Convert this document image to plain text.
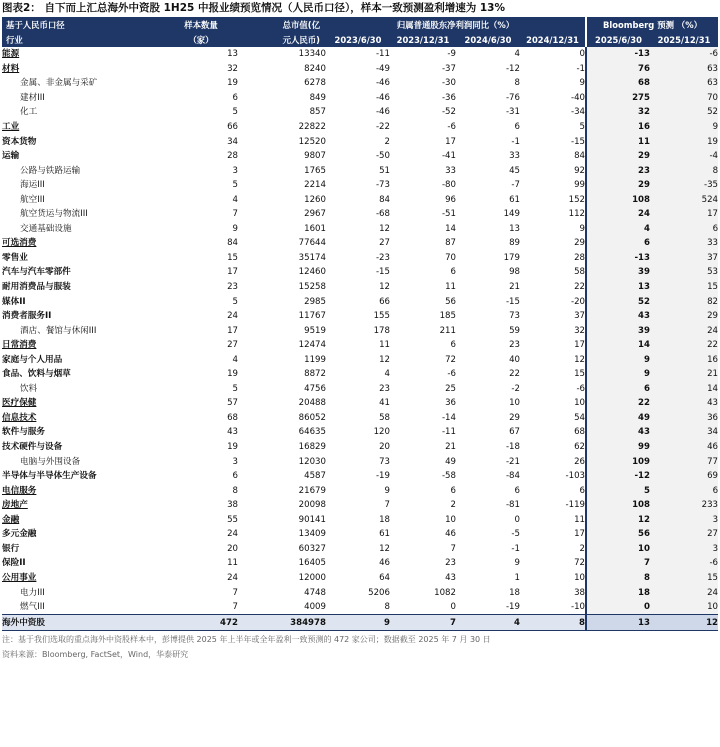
图表2： 自下而上汇总海外中资股 1H25 中报业绩预览情况（人民币口径），样本一致预测盈利增速为 13%
基于人民币口径	样本数量	总市值(亿	归属普通股东净利润同比（%）				Bloomberg 预测 （%）	
行业	（家）	元人民币)	2023/6/30	2023/12/31	2024/6/30	2024/12/31	2025/6/30	2025/12/31
能源	13	13340	-11	-9	4	0	-13	-6
材料	32	8240	-49	-37	-12	-1	76	63
金属、非金属与采矿	19	6278	-46	-30	8	9	68	63
建材III	6	849	-46	-36	-76	-40	275	70
化工	5	857	-46	-52	-31	-34	32	52
工业	66	22822	-22	-6	6	5	16	9
资本货物	34	12520	2	17	-1	-15	11	19
运输	28	9807	-50	-41	33	84	29	-4
公路与铁路运输	3	1765	51	33	45	92	23	8
海运III	5	2214	-73	-80	-7	99	29	-35
航空III	4	1260	84	96	61	152	108	524
航空货运与物流III	7	2967	-68	-51	149	112	24	17
交通基础设施	9	1601	12	14	13	9	4	6
可选消费	84	77644	27	87	89	29	6	33
零售业	15	35174	-23	70	179	28	-13	37
汽车与汽车零部件	17	12460	-15	6	98	58	39	53
耐用消费品与服装	23	15258	12	11	21	22	13	15
媒体II	5	2985	66	56	-15	-20	52	82
消费者服务II	24	11767	155	185	73	37	43	29
酒店、餐馆与休闲III	17	9519	178	211	59	32	39	24
日常消费	27	12474	11	6	23	17	14	22
家庭与个人用品	4	1199	12	72	40	12	9	16
食品、饮料与烟草	19	8872	4	-6	22	15	9	21
饮料	5	4756	23	25	-2	-6	6	14
医疗保健	57	20488	41	36	10	10	22	43
信息技术	68	86052	58	-14	29	54	49	36
软件与服务	43	64635	120	-11	67	68	43	34
技术硬件与设备	19	16829	20	21	-18	62	99	46
电脑与外围设备	3	12030	73	49	-21	26	109	77
半导体与半导体生产设备	6	4587	-19	-58	-84	-103	-12	69
电信服务	8	21679	9	6	6	6	5	6
房地产	38	20098	7	2	-81	-119	108	233
金融	55	90141	18	10	0	11	12	3
多元金融	24	13409	61	46	-5	17	56	27
银行	20	60327	12	7	-1	2	10	3
保险II	11	16405	46	23	9	72	7	-6
公用事业	24	12000	64	43	1	10	8	15
电力III	7	4748	5206	1082	18	38	18	24
燃气III	7	4009	8	0	-19	-10	0	10
海外中资股	472	384978	9	7	4	8	13	12
注：基于我们选取的重点海外中资股样本中，彭博提供 2025 年上半年或全年盈利一致预测的 472 家公司；数据截至 2025 年 7 月 30 日
资料来源：Bloomberg, FactSet，Wind，华泰研究
